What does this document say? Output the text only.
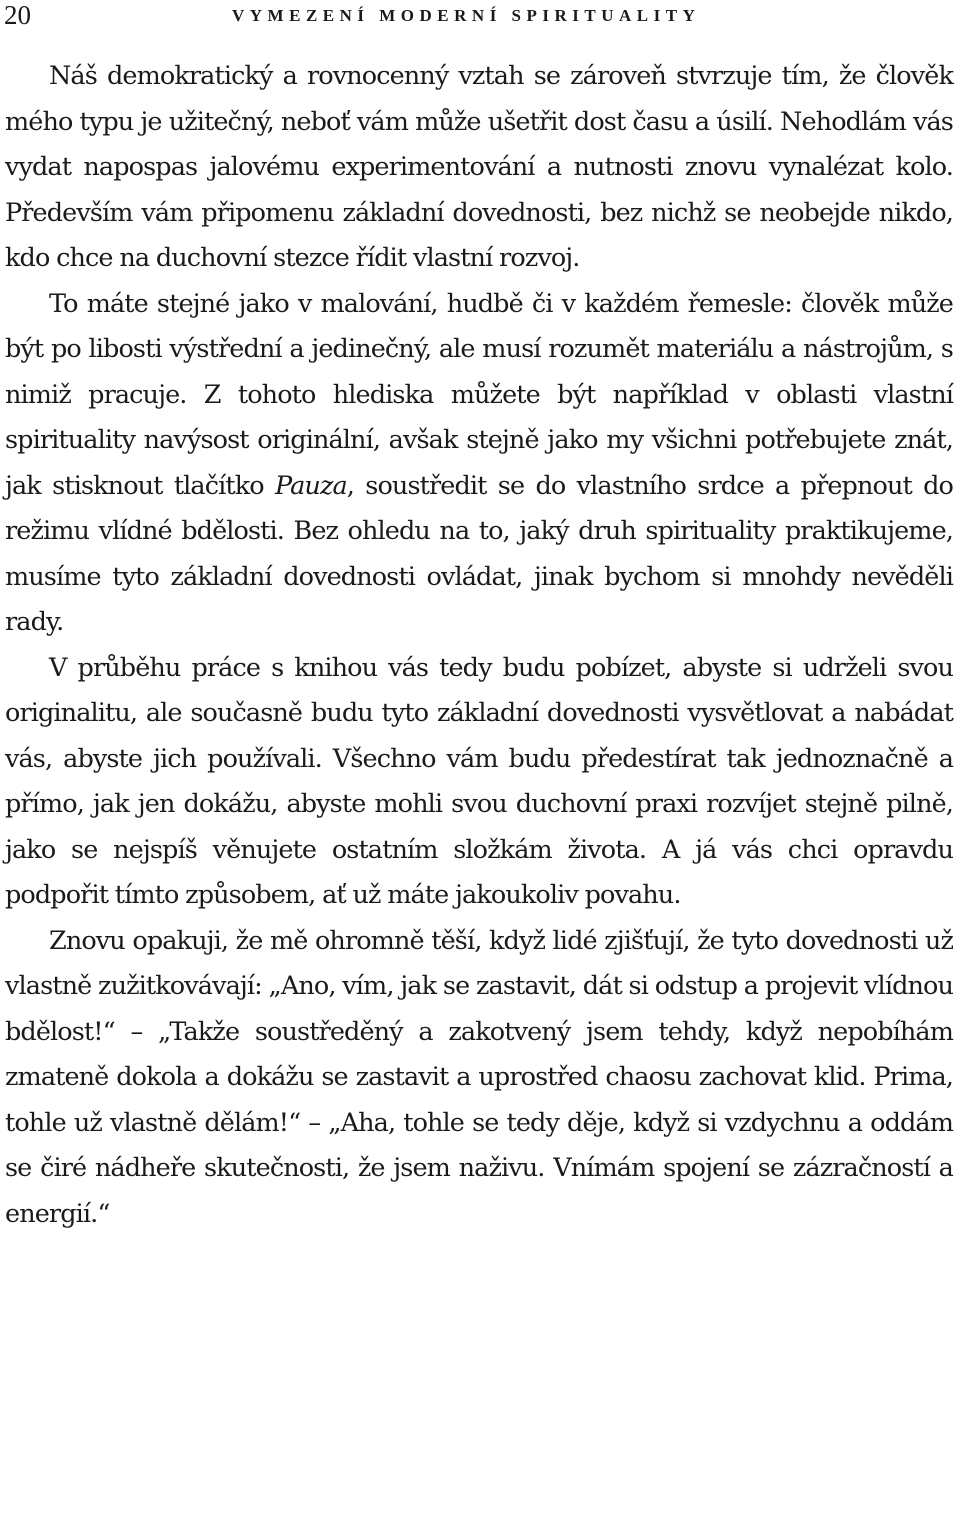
20	VYMEZENÍ MODERNÍ SPIRITUALITY

Náš demokratický a rovnocenný vztah se zároveň stvrzuje tím, že člověk mého typu je užitečný, neboť vám může ušetřit dost času a úsilí. Nehodlám vás vydat napospas jalovému experimentování a nutnosti znovu vynalézat kolo. Především vám připomenu základní dovednosti, bez nichž se neobejde nikdo, kdo chce na duchovní stezce řídit vlastní rozvoj.

To máte stejné jako v malování, hudbě či v každém řemesle: člověk může být po libosti výstřední a jedinečný, ale musí rozumět materiálu a nástrojům, s nimiž pracuje. Z tohoto hlediska můžete být například v oblasti vlastní spirituality navýsost originální, avšak stejně jako my všichni potřebujete znát, jak stisknout tlačítko Pauza, soustředit se do vlastního srdce a přepnout do režimu vlídné bdělosti. Bez ohledu na to, jaký druh spirituality praktikujeme, musíme tyto základní dovednosti ovládat, jinak bychom si mnohdy nevěděli rady.

V průběhu práce s knihou vás tedy budu pobízet, abyste si udrželi svou originalitu, ale současně budu tyto základní dovednosti vysvětlovat a nabádat vás, abyste jich používali. Všechno vám budu předestírat tak jednoznačně a přímo, jak jen dokážu, abyste mohli svou duchovní praxi rozvíjet stejně pilně, jako se nejspíš věnujete ostatním složkám života. A já vás chci opravdu podpořit tímto způsobem, ať už máte jakoukoliv povahu.

Znovu opakuji, že mě ohromně těší, když lidé zjišťují, že tyto dovednosti už vlastně zužitkovávají: „Ano, vím, jak se zastavit, dát si odstup a projevit vlídnou bdělost!“ – „Takže soustředěný a zakotvený jsem tehdy, když nepobíhám zmateně dokola a dokážu se zastavit a uprostřed chaosu zachovat klid. Prima, tohle už vlastně dělám!“ – „Aha, tohle se tedy děje, když si vzdychnu a oddám se čiré nádheře skutečnosti, že jsem naživu. Vnímám spojení se zázračností a energií.“
